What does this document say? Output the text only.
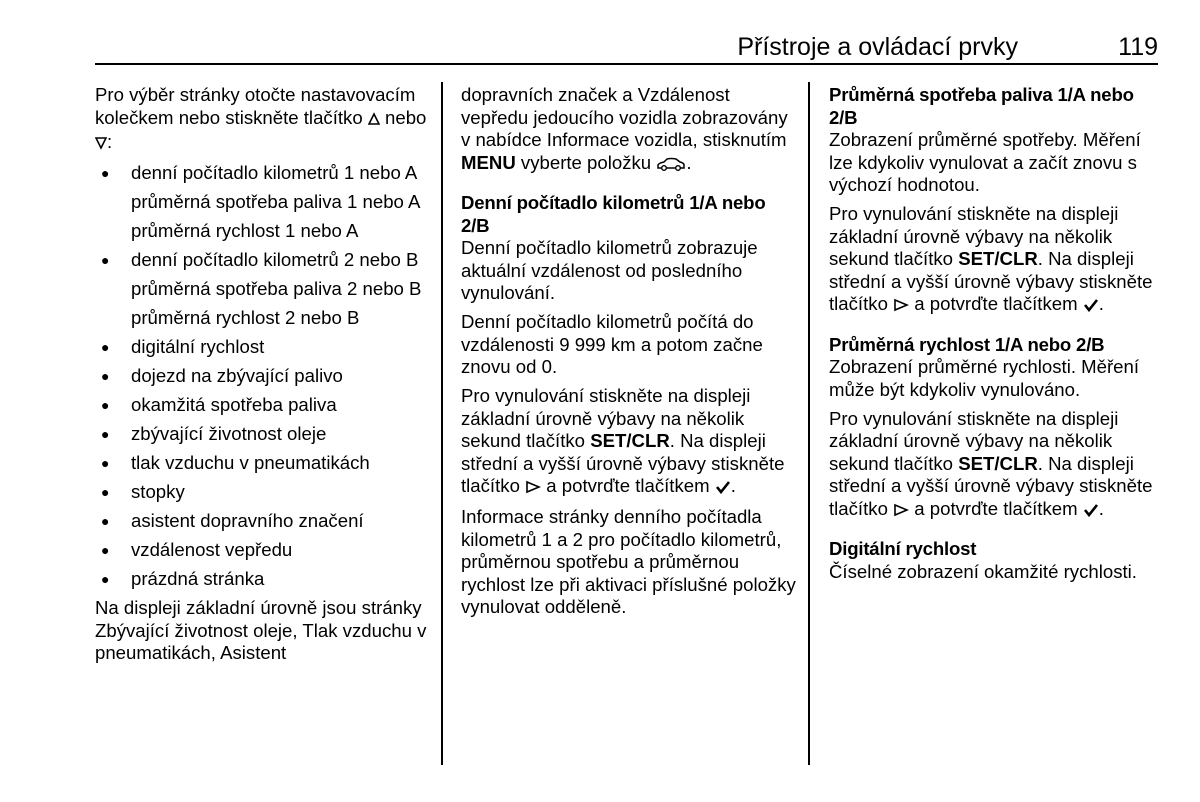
Přístroje a ovládací prvky	119

Pro výběr stránky otočte nastavovacím kolečkem nebo stiskněte tlačítko nebo :

● denní počítadlo kilometrů 1 nebo A
průměrná spotřeba paliva 1 nebo A
průměrná rychlost 1 nebo A
● denní počítadlo kilometrů 2 nebo B
průměrná spotřeba paliva 2 nebo B
průměrná rychlost 2 nebo B
● digitální rychlost
● dojezd na zbývající palivo
● okamžitá spotřeba paliva
● zbývající životnost oleje
● tlak vzduchu v pneumatikách
● stopky
● asistent dopravního značení
● vzdálenost vepředu
● prázdná stránka

Na displeji základní úrovně jsou stránky Zbývající životnost oleje, Tlak vzduchu v pneumatikách, Asistent

dopravních značek a Vzdálenost vepředu jedoucího vozidla zobrazovány v nabídce Informace vozidla, stisknutím MENU vyberte položku .

Denní počítadlo kilometrů 1/A nebo 2/B

Denní počítadlo kilometrů zobrazuje aktuální vzdálenost od posledního vynulování.

Denní počítadlo kilometrů počítá do vzdálenosti 9 999 km a potom začne znovu od 0.

Pro vynulování stiskněte na displeji základní úrovně výbavy na několik sekund tlačítko SET/CLR. Na displeji střední a vyšší úrovně výbavy stiskněte tlačítko a potvrďte tlačítkem .

Informace stránky denního počítadla kilometrů 1 a 2 pro počítadlo kilometrů, průměrnou spotřebu a průměrnou rychlost lze při aktivaci příslušné položky vynulovat odděleně.

Průměrná spotřeba paliva 1/A nebo 2/B

Zobrazení průměrné spotřeby. Měření lze kdykoliv vynulovat a začít znovu s výchozí hodnotou.

Pro vynulování stiskněte na displeji základní úrovně výbavy na několik sekund tlačítko SET/CLR. Na displeji střední a vyšší úrovně výbavy stiskněte tlačítko a potvrďte tlačítkem .

Průměrná rychlost 1/A nebo 2/B

Zobrazení průměrné rychlosti. Měření může být kdykoliv vynulováno.

Pro vynulování stiskněte na displeji základní úrovně výbavy na několik sekund tlačítko SET/CLR. Na displeji střední a vyšší úrovně výbavy stiskněte tlačítko a potvrďte tlačítkem .

Digitální rychlost

Číselné zobrazení okamžité rychlosti.
